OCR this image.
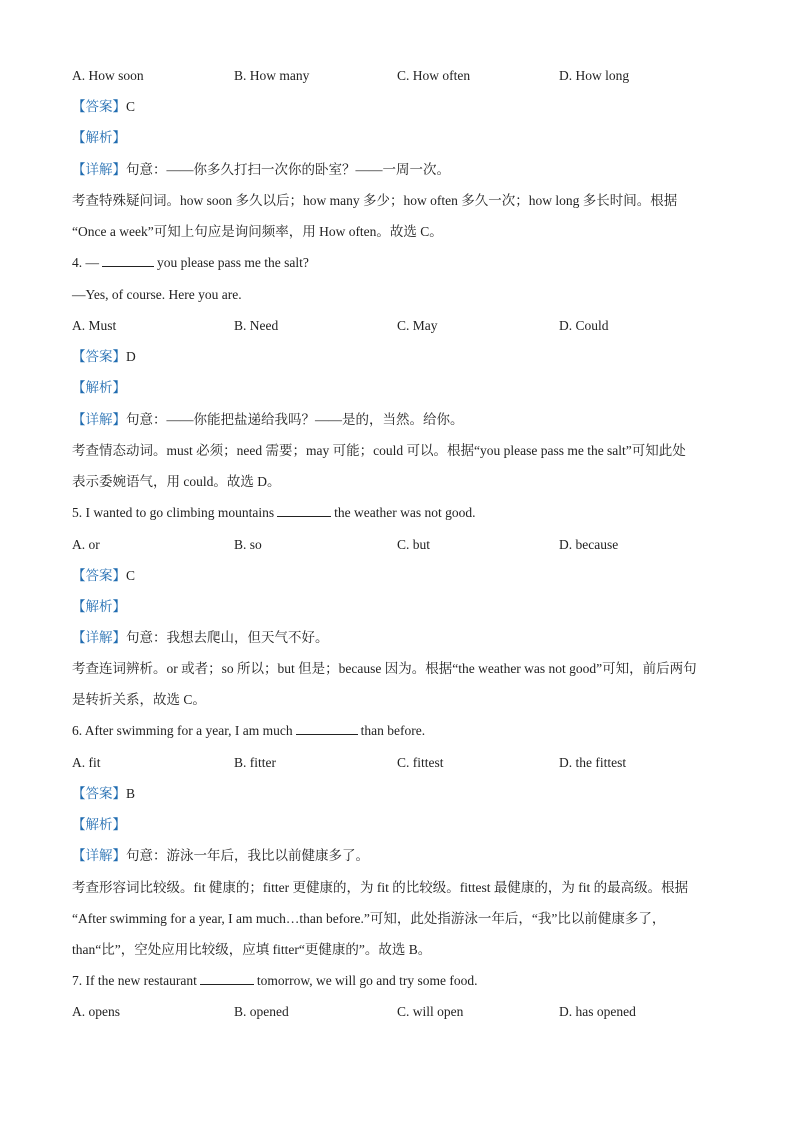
A. How soon	B. How many	C. How often	D. How long
【答案】C
【解析】
【详解】句意：——你多久打扫一次你的卧室？——一周一次。
考查特殊疑问词。how soon 多久以后；how many 多少；how often 多久一次；how long 多长时间。根据
“Once a week”可知上句应是询问频率，用 How often。故选 C。
4. —	you please pass me the salt?
—Yes, of course. Here you are.
A. Must	B. Need	C. May	D. Could
【答案】D
【解析】
【详解】句意：——你能把盐递给我吗？——是的，当然。给你。
考查情态动词。must 必须；need 需要；may 可能；could 可以。根据“you please pass me the salt”可知此处
表示委婉语气，用 could。故选 D。
5. I wanted to go climbing mountains	the weather was not good.
A. or	B. so	C. but	D. because
【答案】C
【解析】
【详解】句意：我想去爬山，但天气不好。
考查连词辨析。or 或者；so 所以；but 但是；because 因为。根据“the weather was not good”可知，前后两句
是转折关系，故选 C。
6. After swimming for a year, I am much	than before.
A. fit	B. fitter	C. fittest	D. the fittest
【答案】B
【解析】
【详解】句意：游泳一年后，我比以前健康多了。
考查形容词比较级。fit 健康的；fitter 更健康的，为 fit 的比较级。fittest 最健康的，为 fit 的最高级。根据
“After swimming for a year, I am much…than before.”可知，此处指游泳一年后，“我”比以前健康多了，
than“比”，空处应用比较级，应填 fitter“更健康的”。故选 B。
7. If the new restaurant	tomorrow, we will go and try some food.
A. opens	B. opened	C. will open	D. has opened
